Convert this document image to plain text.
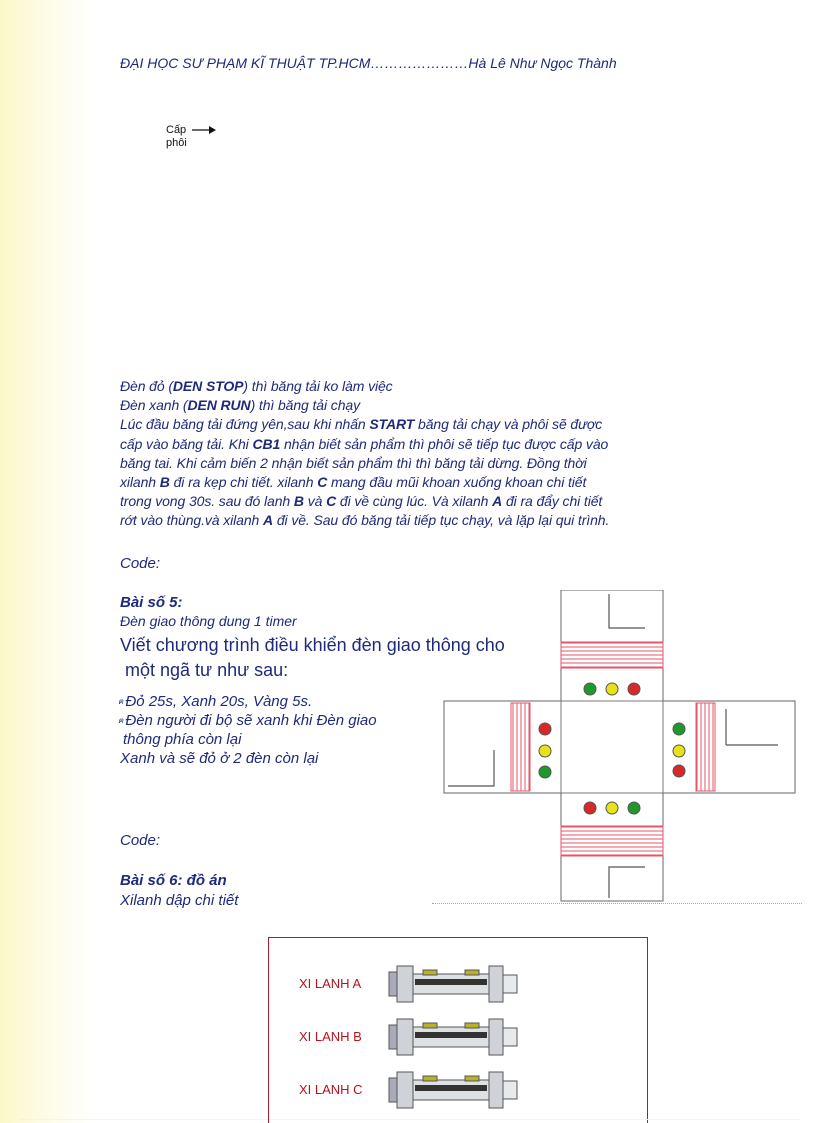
ĐẠI HỌC SƯ PHẠM KĨ THUẬT TP.HCM…………………Hà Lê Như Ngọc Thành
Cấp
phôi
Đèn đỏ (DEN STOP) thì băng tải ko làm việc
Đèn xanh (DEN RUN) thì băng tải chạy
Lúc đầu băng tải đứng yên,sau khi nhấn START băng tải chạy và phôi sẽ được
cấp vào băng tải. Khi CB1 nhận biết sản phẩm thì phôi sẽ tiếp tục được cấp vào
băng tai. Khi cảm biến 2 nhận biết sản phẩm thì thì băng tải dừng. Đồng thời
xilanh B đi ra kẹp chi tiết. xilanh C mang đầu mũi khoan xuống khoan chi tiết
trong vong 30s. sau đó lanh B và C đi về cùng lúc. Và xilanh A đi ra đẩy chi tiết
rớt vào thùng.và xilanh A đi về. Sau đó băng tải tiếp tục chạy, và lặp lại qui trình.
Code:
Bài số 5:
Đèn giao thông dung 1 timer
Viết chương trình điều khiển đèn giao thông cho
một ngã tư như sau:
ฅ Đỏ 25s, Xanh 20s, Vàng 5s.
ฅ Đèn người đi bộ sẽ xanh khi Đèn giao
thông phía còn lại
Xanh và sẽ đỏ ở 2 đèn còn lại
Code:
Bài số 6: đồ án
Xilanh dập chi tiết
XI LANH A
XI LANH B
XI LANH C
